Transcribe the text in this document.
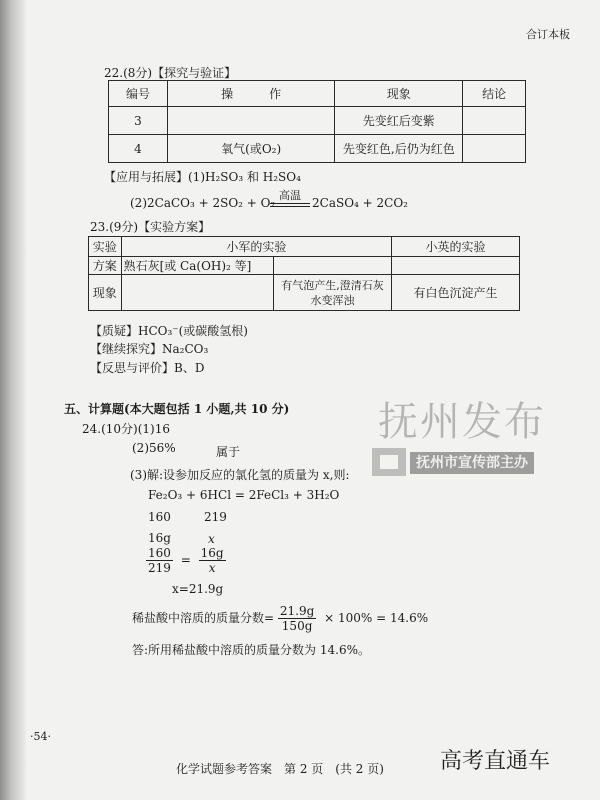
合订本板
22.(8分)【探究与验证】
编号	操　　　作	现象	结论
3		先变红后变紫	
4	氧气(或O₂)	先变红色,后仍为红色	
【应用与拓展】(1)H₂SO₃ 和 H₂SO₄
(2)2CaCO₃ + 2SO₂ + O₂
高温
2CaSO₄ + 2CO₂
23.(9分)【实验方案】
实验	小军的实验		小英的实验
方案	熟石灰[或 Ca(OH)₂ 等]		
现象		有气泡产生,澄清石灰水变浑浊	有白色沉淀产生
【质疑】HCO₃⁻(或碳酸氢根)
【继续探究】Na₂CO₃
【反思与评价】B、D
五、计算题(本大题包括 1 小题,共 10 分)
24.(10分)(1)16
(2)56%	属于
(3)解:设参加反应的氯化氢的质量为 x,则:
Fe₂O₃ + 6HCl = 2FeCl₃ + 3H₂O
160	219
16g	x
$\frac{160}{219} = \frac{16g}{x}$
x=21.9g
稀盐酸中溶质的质量分数= $\frac{21.9g}{150g} \times 100\% = 14.6\%$
答:所用稀盐酸中溶质的质量分数为 14.6%。
抚州发布
抚州市宣传部主办
·54·
化学试题参考答案　第 2 页　(共 2 页)	高考直通车
